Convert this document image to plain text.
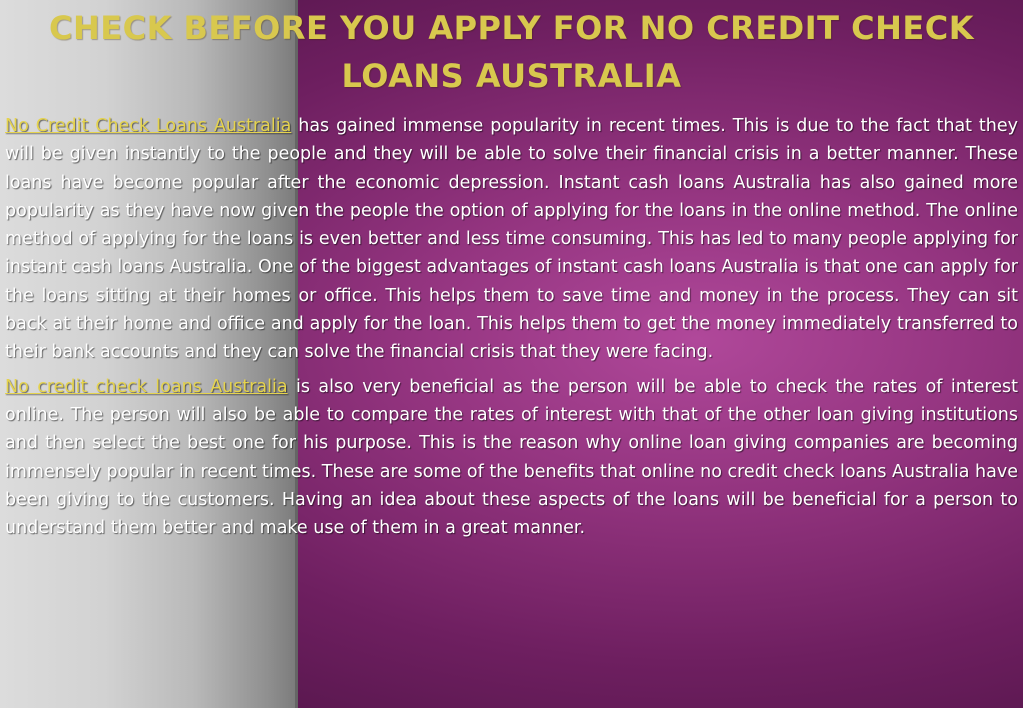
CHECK BEFORE YOU APPLY FOR NO CREDIT CHECK LOANS AUSTRALIA

No Credit Check Loans Australia has gained immense popularity in recent times. This is due to the fact that they will be given instantly to the people and they will be able to solve their financial crisis in a better manner. These loans have become popular after the economic depression. Instant cash loans Australia has also gained more popularity as they have now given the people the option of applying for the loans in the online method. The online method of applying for the loans is even better and less time consuming. This has led to many people applying for instant cash loans Australia. One of the biggest advantages of instant cash loans Australia is that one can apply for the loans sitting at their homes or office. This helps them to save time and money in the process. They can sit back at their home and office and apply for the loan. This helps them to get the money immediately transferred to their bank accounts and they can solve the financial crisis that they were facing.

No credit check loans Australia is also very beneficial as the person will be able to check the rates of interest online. The person will also be able to compare the rates of interest with that of the other loan giving institutions and then select the best one for his purpose. This is the reason why online loan giving companies are becoming immensely popular in recent times. These are some of the benefits that online no credit check loans Australia have been giving to the customers. Having an idea about these aspects of the loans will be beneficial for a person to understand them better and make use of them in a great manner.
